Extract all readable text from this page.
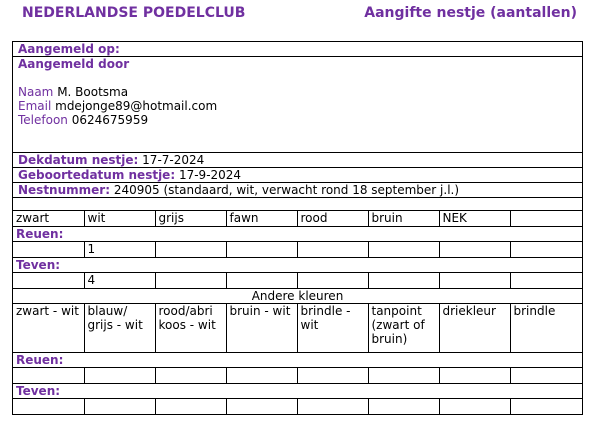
NEDERLANDSE POEDELCLUB	Aangifte nestje (aantallen)
Aangemeld op:
Aangemeld door
Naam M. Bootsma
Email mdejonge89@hotmail.com
Telefoon 0624675959
Dekdatum nestje: 17-7-2024
Geboortedatum nestje: 17-9-2024
Nestnummer: 240905 (standaard, wit, verwacht rond 18 september j.l.)
zwart	wit	grijs	fawn	rood	bruin	NEK	
Reuen:							
	1						
Teven:							
	4						
Andere kleuren							
zwart - wit	blauw/ grijs - wit	rood/abri koos - wit	bruin - wit	brindle - wit	tanpoint (zwart of bruin)	driekleur	brindle
Reuen:							

Teven:							
